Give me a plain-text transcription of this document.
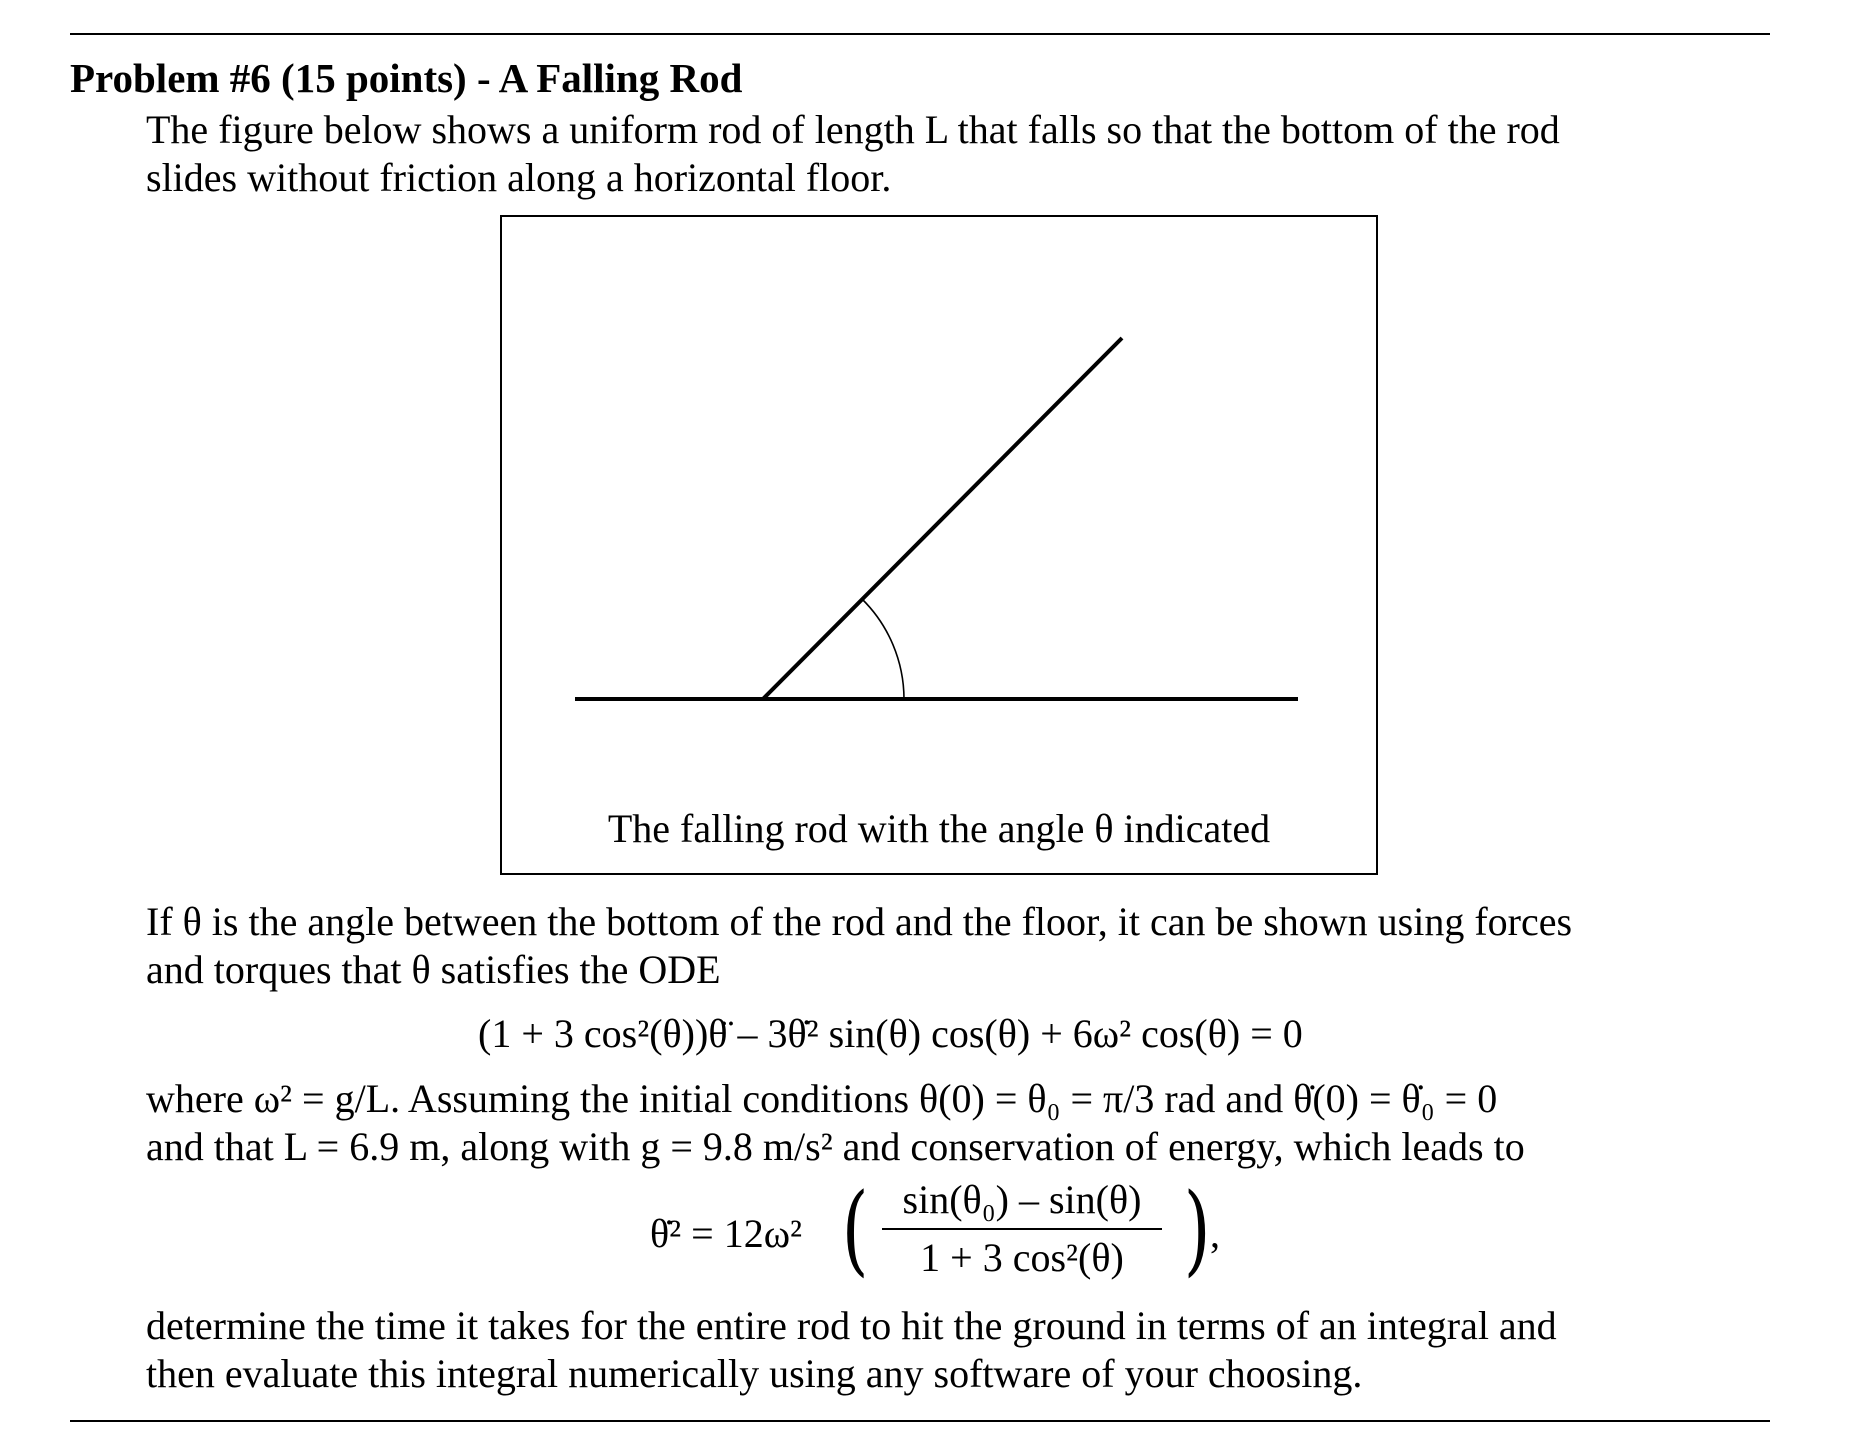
Problem #6 (15 points) - A Falling Rod
The figure below shows a uniform rod of length L that falls so that the bottom of the rod
slides without friction along a horizontal floor.
The falling rod with the angle θ indicated
If θ is the angle between the bottom of the rod and the floor, it can be shown using forces
and torques that θ satisfies the ODE
(1 + 3 cos²(θ))θ̈ – 3θ̇² sin(θ) cos(θ) + 6ω² cos(θ) = 0
where ω² = g/L. Assuming the initial conditions θ(0) = θ₀ = π/3 rad and θ̇(0) = θ̇₀ = 0
and that L = 6.9 m, along with g = 9.8 m/s² and conservation of energy, which leads to
θ̇² = 12ω² ( sin(θ₀) – sin(θ)
1 + 3 cos²(θ) ) ,
determine the time it takes for the entire rod to hit the ground in terms of an integral and
then evaluate this integral numerically using any software of your choosing.
